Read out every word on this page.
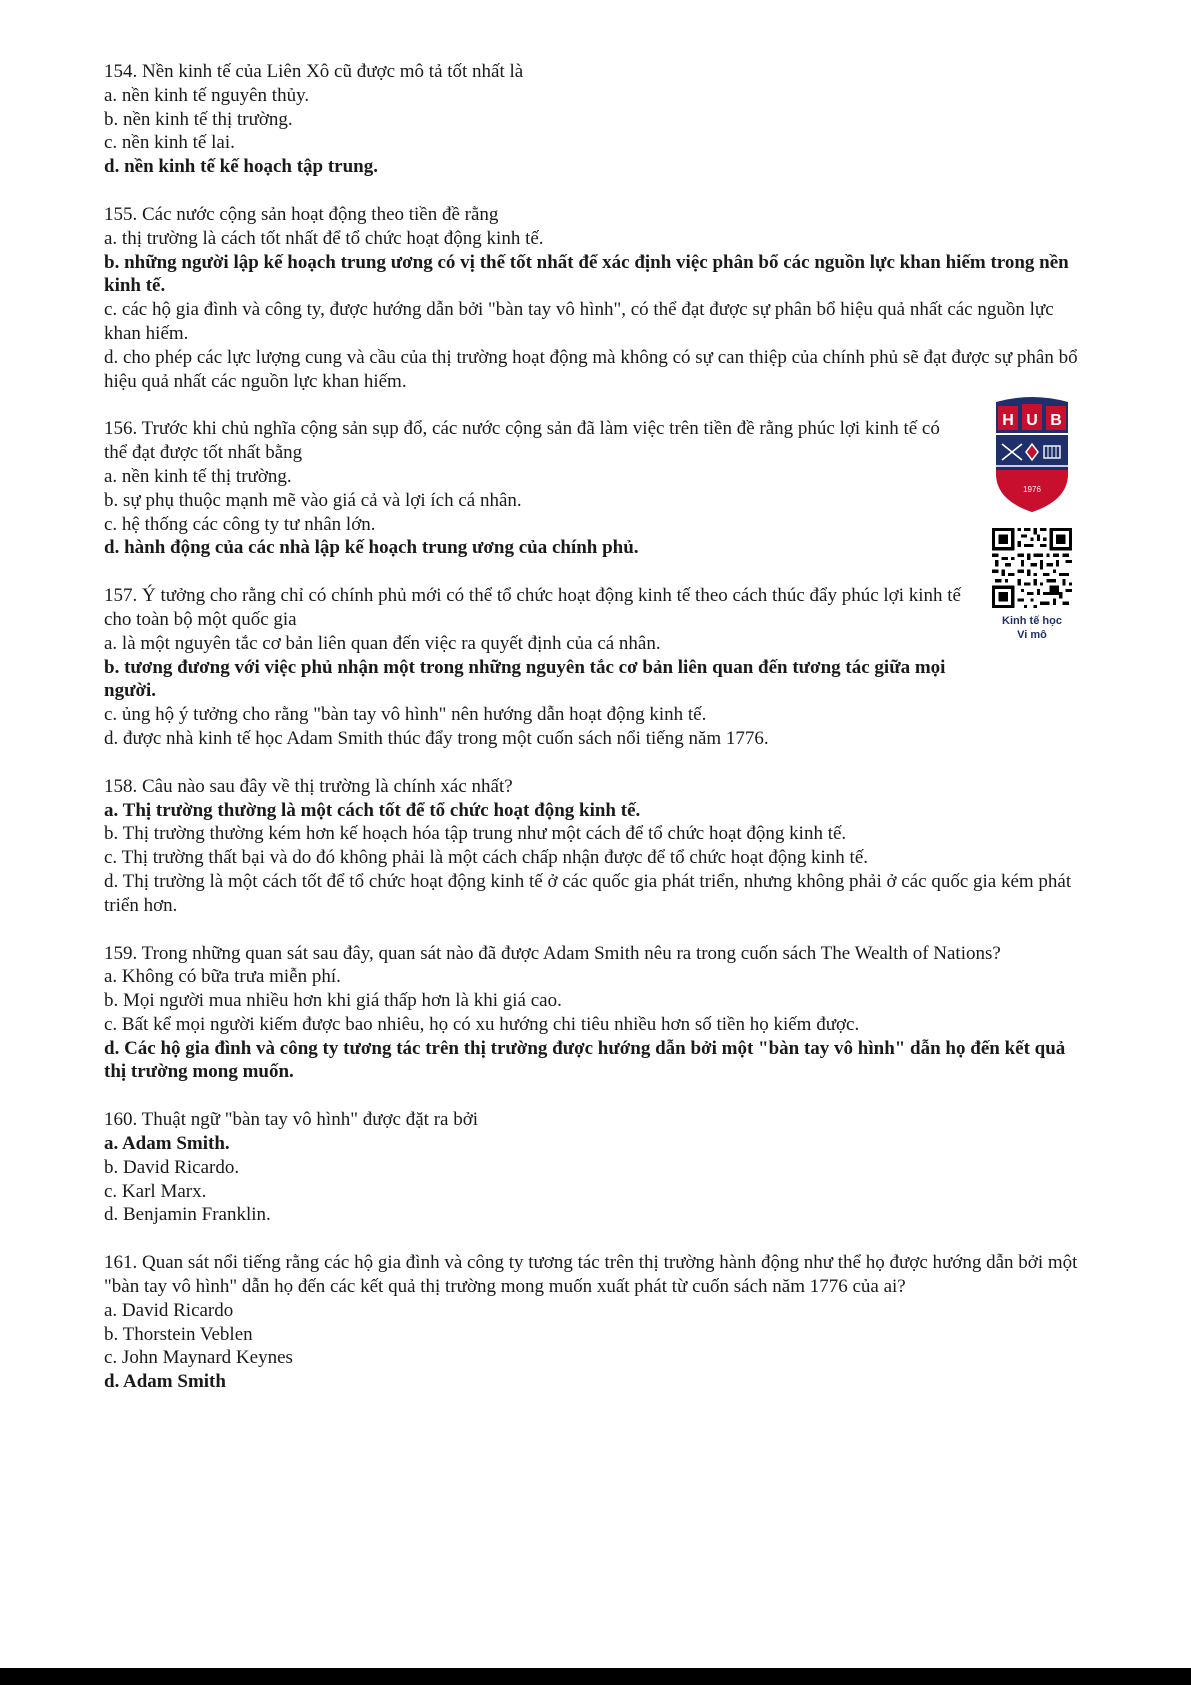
154. Nền kinh tế của Liên Xô cũ được mô tả tốt nhất là

a. nền kinh tế nguyên thủy.

b. nền kinh tế thị trường.

c. nền kinh tế lai.

d. nền kinh tế kế hoạch tập trung.

155. Các nước cộng sản hoạt động theo tiền đề rằng

a. thị trường là cách tốt nhất để tổ chức hoạt động kinh tế.

b. những người lập kế hoạch trung ương có vị thế tốt nhất để xác định việc phân bổ các nguồn lực khan hiếm trong nền kinh tế.

c. các hộ gia đình và công ty, được hướng dẫn bởi "bàn tay vô hình", có thể đạt được sự phân bổ hiệu quả nhất các nguồn lực khan hiếm.

d. cho phép các lực lượng cung và cầu của thị trường hoạt động mà không có sự can thiệp của chính phủ sẽ đạt được sự phân bổ hiệu quả nhất các nguồn lực khan hiếm.

156. Trước khi chủ nghĩa cộng sản sụp đổ, các nước cộng sản đã làm việc trên tiền đề rằng phúc lợi kinh tế có thể đạt được tốt nhất bằng

a. nền kinh tế thị trường.

b. sự phụ thuộc mạnh mẽ vào giá cả và lợi ích cá nhân.

c. hệ thống các công ty tư nhân lớn.

d. hành động của các nhà lập kế hoạch trung ương của chính phủ.

157. Ý tưởng cho rằng chỉ có chính phủ mới có thể tổ chức hoạt động kinh tế theo cách thúc đẩy phúc lợi kinh tế cho toàn bộ một quốc gia

a. là một nguyên tắc cơ bản liên quan đến việc ra quyết định của cá nhân.

b. tương đương với việc phủ nhận một trong những nguyên tắc cơ bản liên quan đến tương tác giữa mọi người.

c. ủng hộ ý tưởng cho rằng "bàn tay vô hình" nên hướng dẫn hoạt động kinh tế.

d. được nhà kinh tế học Adam Smith thúc đẩy trong một cuốn sách nổi tiếng năm 1776.

158. Câu nào sau đây về thị trường là chính xác nhất?

a. Thị trường thường là một cách tốt để tổ chức hoạt động kinh tế.

b. Thị trường thường kém hơn kế hoạch hóa tập trung như một cách để tổ chức hoạt động kinh tế.

c. Thị trường thất bại và do đó không phải là một cách chấp nhận được để tổ chức hoạt động kinh tế.

d. Thị trường là một cách tốt để tổ chức hoạt động kinh tế ở các quốc gia phát triển, nhưng không phải ở các quốc gia kém phát triển hơn.

159. Trong những quan sát sau đây, quan sát nào đã được Adam Smith nêu ra trong cuốn sách The Wealth of Nations?

a. Không có bữa trưa miễn phí.

b. Mọi người mua nhiều hơn khi giá thấp hơn là khi giá cao.

c. Bất kể mọi người kiếm được bao nhiêu, họ có xu hướng chi tiêu nhiều hơn số tiền họ kiếm được.

d. Các hộ gia đình và công ty tương tác trên thị trường được hướng dẫn bởi một "bàn tay vô hình" dẫn họ đến kết quả thị trường mong muốn.

160. Thuật ngữ "bàn tay vô hình" được đặt ra bởi

a. Adam Smith.

b. David Ricardo.

c. Karl Marx.

d. Benjamin Franklin.

161. Quan sát nổi tiếng rằng các hộ gia đình và công ty tương tác trên thị trường hành động như thể họ được hướng dẫn bởi một "bàn tay vô hình" dẫn họ đến các kết quả thị trường mong muốn xuất phát từ cuốn sách năm 1776 của ai?

a. David Ricardo

b. Thorstein Veblen

c. John Maynard Keynes

d. Adam Smith

H U B
1976
Kinh tế học
Vi mô
